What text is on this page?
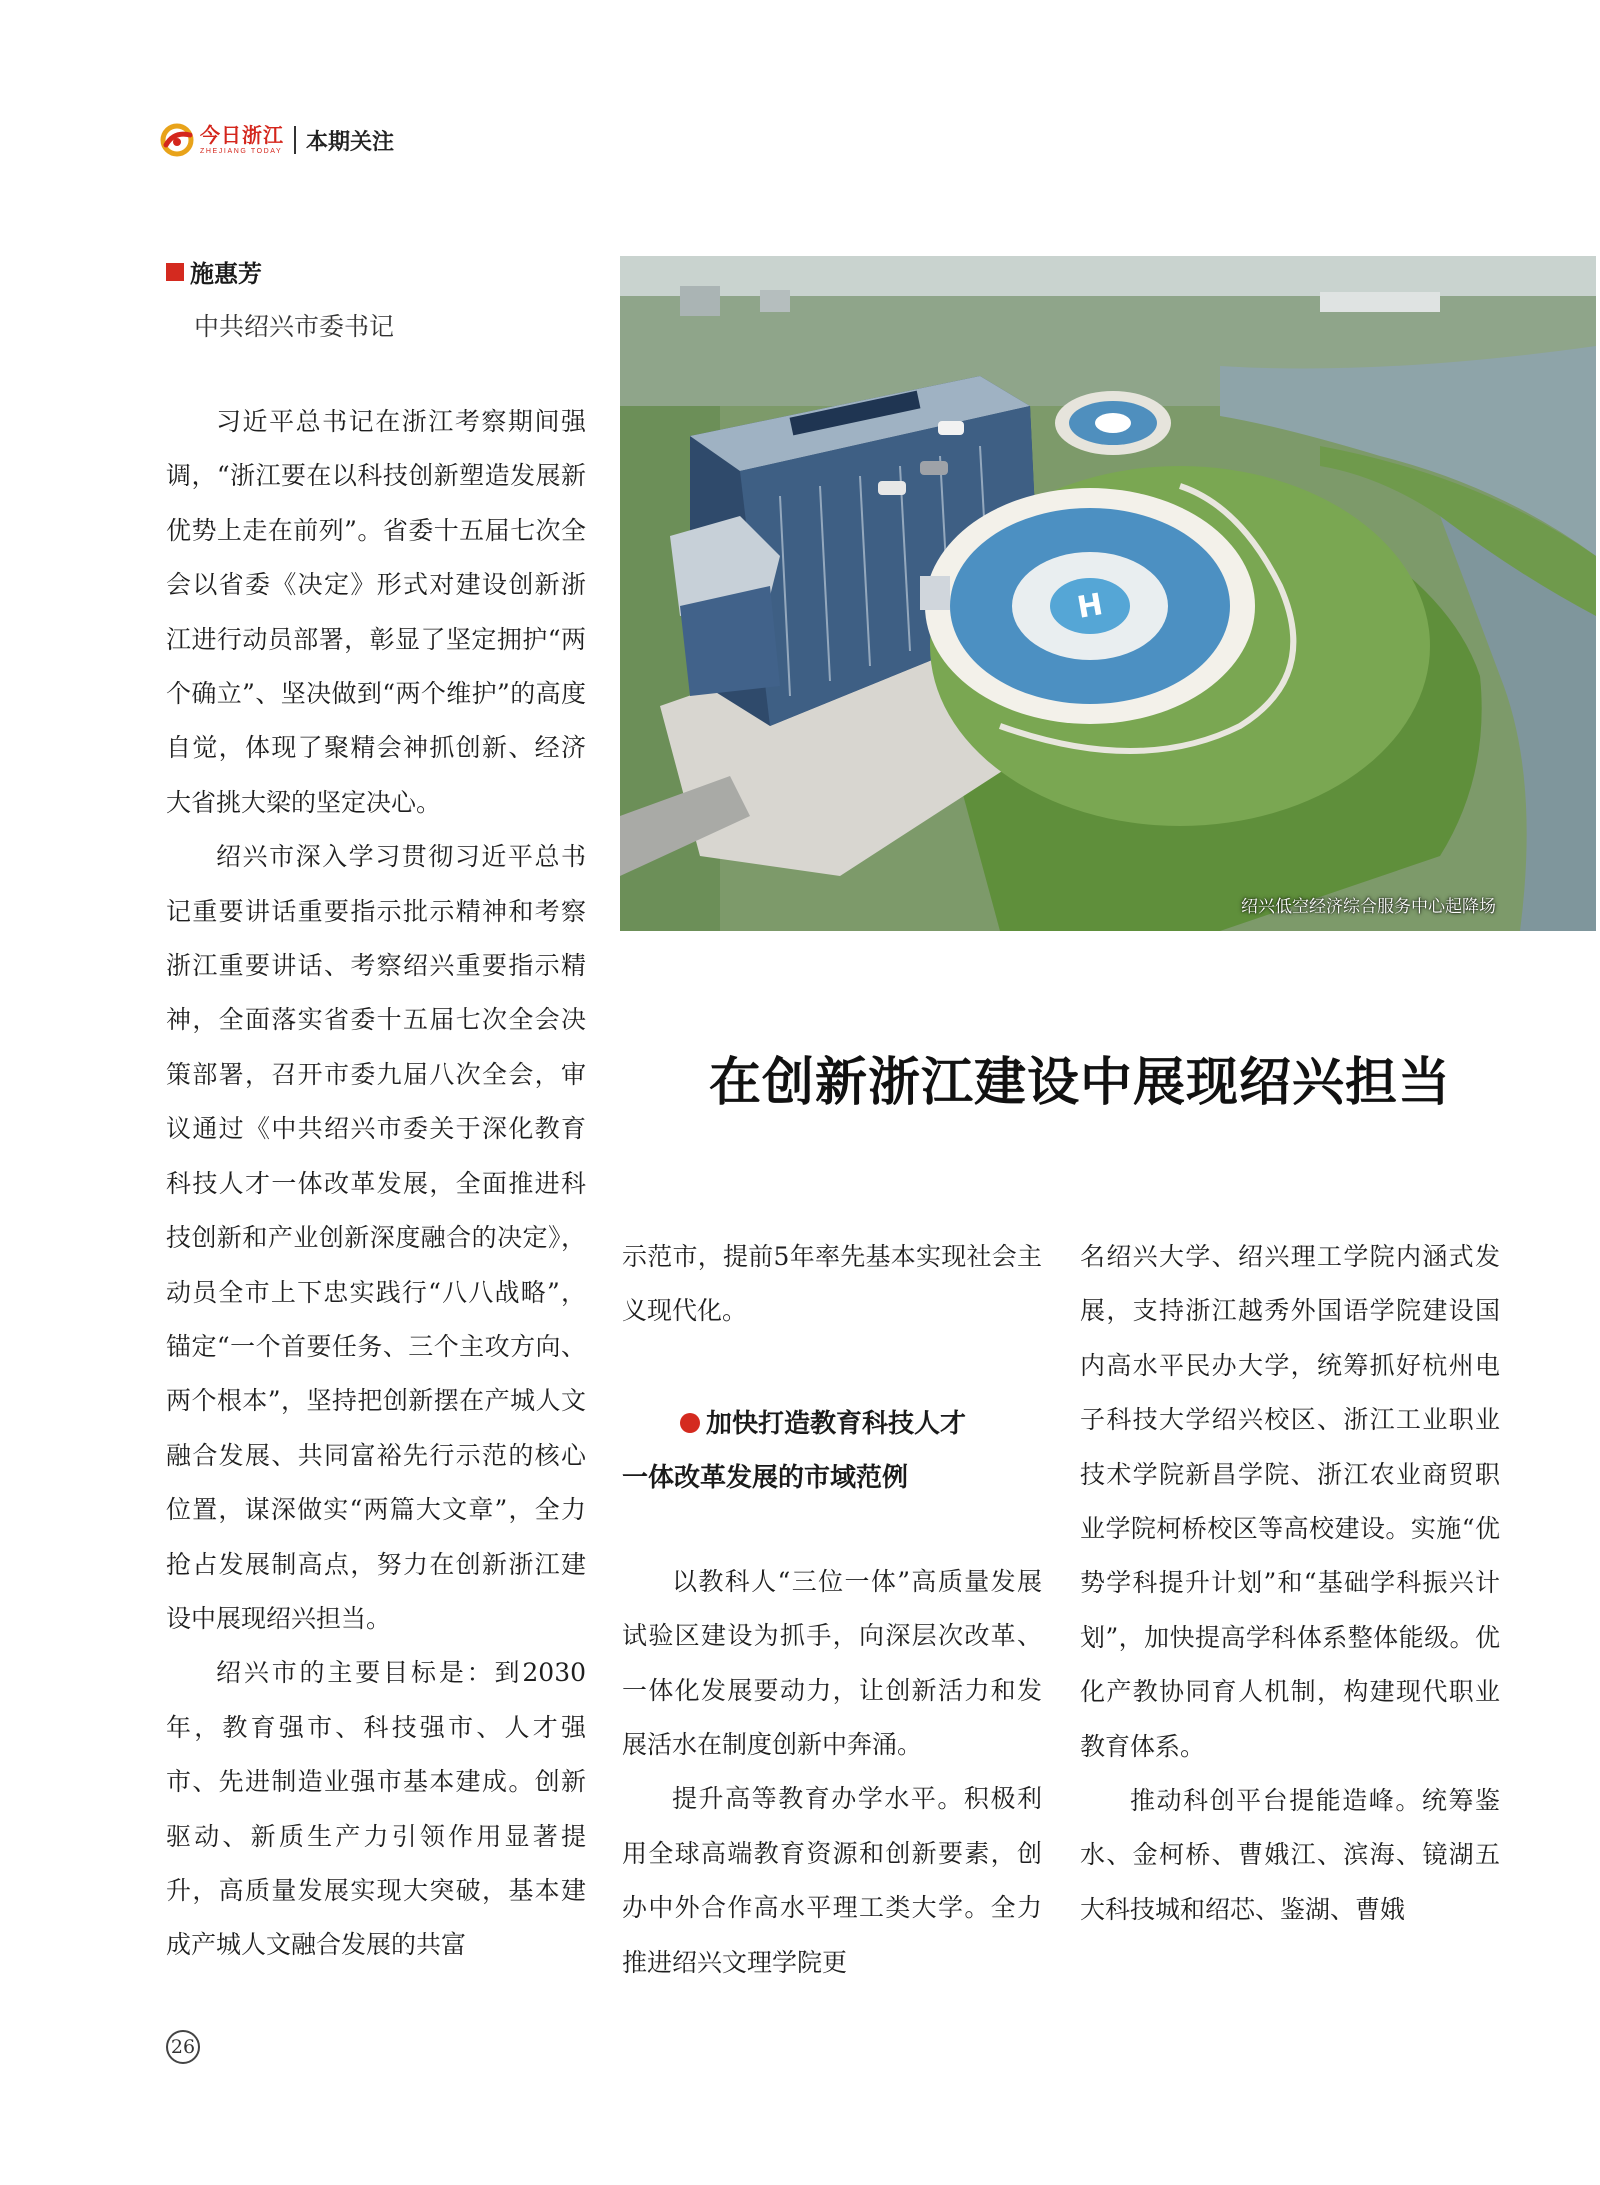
今日浙江
ZHEJIANG TODAY 本期关注
施惠芳
中共绍兴市委书记
H
绍兴低空经济综合服务中心起降场
在创新浙江建设中展现绍兴担当

习近平总书记在浙江考察期间强调，“浙江要在以科技创新塑造发展新优势上走在前列”。省委十五届七次全会以省委《决定》形式对建设创新浙江进行动员部署，彰显了坚定拥护“两个确立”、坚决做到“两个维护”的高度自觉，体现了聚精会神抓创新、经济大省挑大梁的坚定决心。

绍兴市深入学习贯彻习近平总书记重要讲话重要指示批示精神和考察浙江重要讲话、考察绍兴重要指示精神，全面落实省委十五届七次全会决策部署，召开市委九届八次全会，审议通过《中共绍兴市委关于深化教育科技人才一体改革发展，全面推进科技创新和产业创新深度融合的决定》，动员全市上下忠实践行“八八战略”，锚定“一个首要任务、三个主攻方向、两个根本”，坚持把创新摆在产城人文融合发展、共同富裕先行示范的核心位置，谋深做实“两篇大文章”，全力抢占发展制高点，努力在创新浙江建设中展现绍兴担当。

绍兴市的主要目标是：到2030年，教育强市、科技强市、人才强市、先进制造业强市基本建成。创新驱动、新质生产力引领作用显著提升，高质量发展实现大突破，基本建成产城人文融合发展的共富

示范市，提前5年率先基本实现社会主义现代化。

加快打造教育科技人才
一体改革发展的市域范例

以教科人“三位一体”高质量发展试验区建设为抓手，向深层次改革、一体化发展要动力，让创新活力和发展活水在制度创新中奔涌。

提升高等教育办学水平。积极利用全球高端教育资源和创新要素，创办中外合作高水平理工类大学。全力推进绍兴文理学院更

名绍兴大学、绍兴理工学院内涵式发展，支持浙江越秀外国语学院建设国内高水平民办大学，统筹抓好杭州电子科技大学绍兴校区、浙江工业职业技术学院新昌学院、浙江农业商贸职业学院柯桥校区等高校建设。实施“优势学科提升计划”和“基础学科振兴计划”，加快提高学科体系整体能级。优化产教协同育人机制，构建现代职业教育体系。

推动科创平台提能造峰。统筹鉴水、金柯桥、曹娥江、滨海、镜湖五大科技城和绍芯、鉴湖、曹娥

26
